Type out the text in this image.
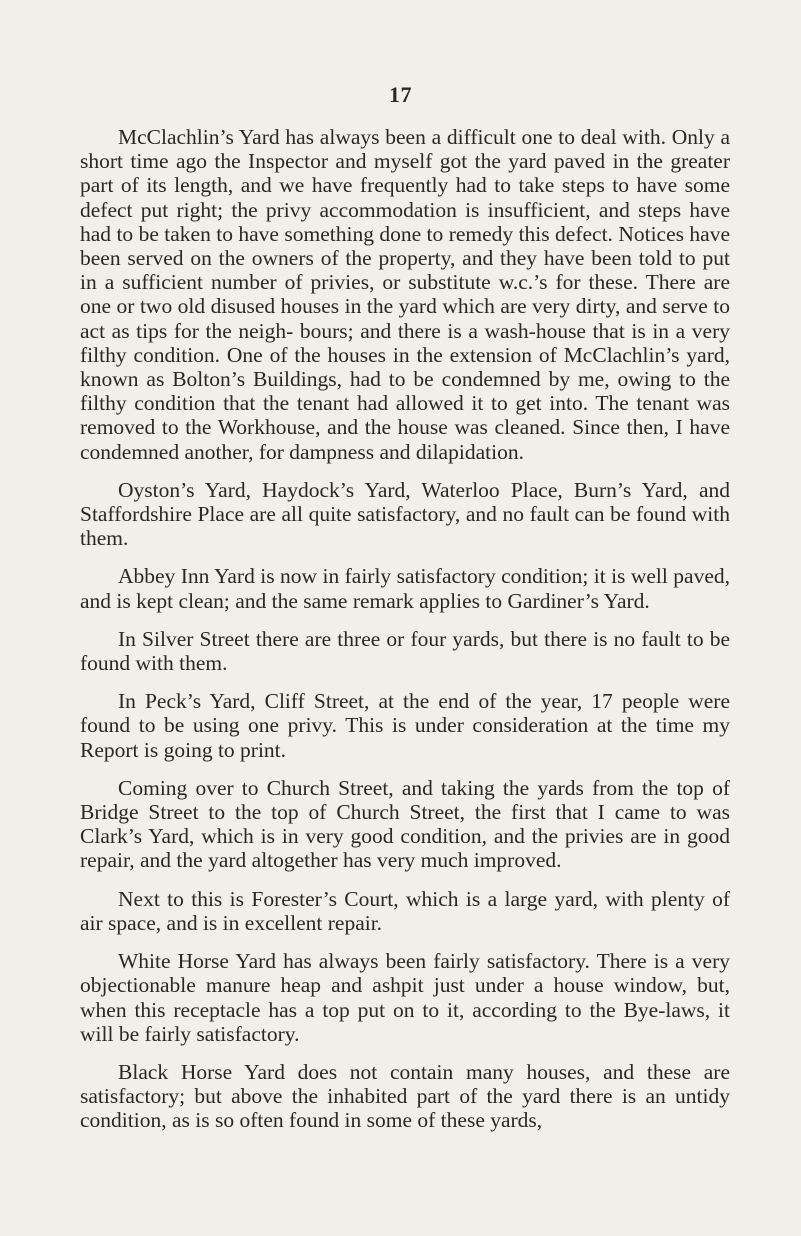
17

McClachlin’s Yard has always been a difficult one to deal with. Only a short time ago the Inspector and myself got the yard paved in the greater part of its length, and we have frequently had to take steps to have some defect put right; the privy accommodation is insufficient, and steps have had to be taken to have something done to remedy this defect. Notices have been served on the owners of the property, and they have been told to put in a sufficient number of privies, or substitute w.c.’s for these. There are one or two old disused houses in the yard which are very dirty, and serve to act as tips for the neigh- bours; and there is a wash-house that is in a very filthy condition. One of the houses in the extension of McClachlin’s yard, known as Bolton’s Buildings, had to be condemned by me, owing to the filthy condition that the tenant had allowed it to get into. The tenant was removed to the Workhouse, and the house was cleaned. Since then, I have condemned another, for dampness and dilapidation.

Oyston’s Yard, Haydock’s Yard, Waterloo Place, Burn’s Yard, and Staffordshire Place are all quite satisfactory, and no fault can be found with them.

Abbey Inn Yard is now in fairly satisfactory condition; it is well paved, and is kept clean; and the same remark applies to Gardiner’s Yard.

In Silver Street there are three or four yards, but there is no fault to be found with them.

In Peck’s Yard, Cliff Street, at the end of the year, 17 people were found to be using one privy. This is under consideration at the time my Report is going to print.

Coming over to Church Street, and taking the yards from the top of Bridge Street to the top of Church Street, the first that I came to was Clark’s Yard, which is in very good condition, and the privies are in good repair, and the yard altogether has very much improved.

Next to this is Forester’s Court, which is a large yard, with plenty of air space, and is in excellent repair.

White Horse Yard has always been fairly satisfactory. There is a very objectionable manure heap and ashpit just under a house window, but, when this receptacle has a top put on to it, according to the Bye-laws, it will be fairly satisfactory.

Black Horse Yard does not contain many houses, and these are satisfactory; but above the inhabited part of the yard there is an untidy condition, as is so often found in some of these yards,
